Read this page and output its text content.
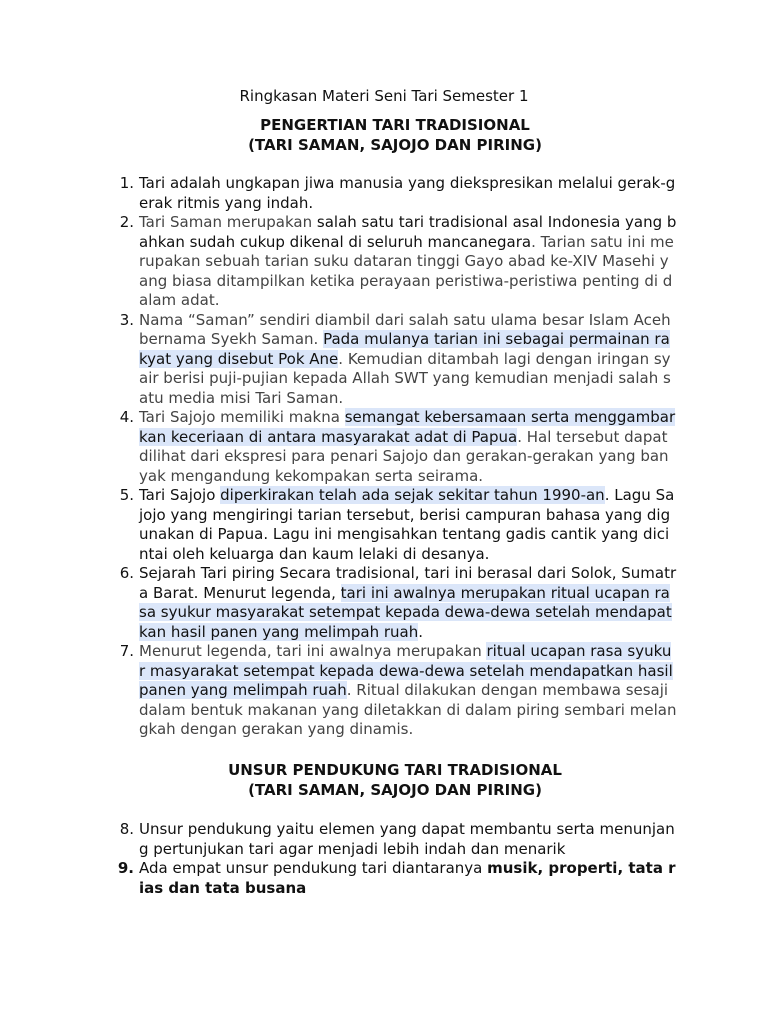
Ringkasan Materi Seni Tari Semester 1
PENGERTIAN TARI TRADISIONAL
(TARI SAMAN, SAJOJO DAN PIRING)
1. Tari adalah ungkapan jiwa manusia yang diekspresikan melalui gerak-gerak ritmis yang indah.
2. Tari Saman merupakan salah satu tari tradisional asal Indonesia yang bahkan sudah cukup dikenal di seluruh mancanegara. Tarian satu ini merupakan sebuah tarian suku dataran tinggi Gayo abad ke-XIV Masehi yang biasa ditampilkan ketika perayaan peristiwa-peristiwa penting di dalam adat.
3. Nama “Saman” sendiri diambil dari salah satu ulama besar Islam Aceh bernama Syekh Saman. Pada mulanya tarian ini sebagai permainan rakyat yang disebut Pok Ane. Kemudian ditambah lagi dengan iringan syair berisi puji-pujian kepada Allah SWT yang kemudian menjadi salah satu media misi Tari Saman.
4. Tari Sajojo memiliki makna semangat kebersamaan serta menggambarkan keceriaan di antara masyarakat adat di Papua. Hal tersebut dapat dilihat dari ekspresi para penari Sajojo dan gerakan-gerakan yang banyak mengandung kekompakan serta seirama.
5. Tari Sajojo diperkirakan telah ada sejak sekitar tahun 1990-an. Lagu Sajojo yang mengiringi tarian tersebut, berisi campuran bahasa yang digunakan di Papua. Lagu ini mengisahkan tentang gadis cantik yang dicintai oleh keluarga dan kaum lelaki di desanya.
6. Sejarah Tari piring Secara tradisional, tari ini berasal dari Solok, Sumatra Barat. Menurut legenda, tari ini awalnya merupakan ritual ucapan rasa syukur masyarakat setempat kepada dewa-dewa setelah mendapatkan hasil panen yang melimpah ruah.
7. Menurut legenda, tari ini awalnya merupakan ritual ucapan rasa syukur masyarakat setempat kepada dewa-dewa setelah mendapatkan hasil panen yang melimpah ruah. Ritual dilakukan dengan membawa sesaji dalam bentuk makanan yang diletakkan di dalam piring sembari melangkah dengan gerakan yang dinamis.
UNSUR PENDUKUNG TARI TRADISIONAL
(TARI SAMAN, SAJOJO DAN PIRING)
8. Unsur pendukung yaitu elemen yang dapat membantu serta menunjang pertunjukan tari agar menjadi lebih indah dan menarik
9. Ada empat unsur pendukung tari diantaranya musik, properti, tata rias dan tata busana
